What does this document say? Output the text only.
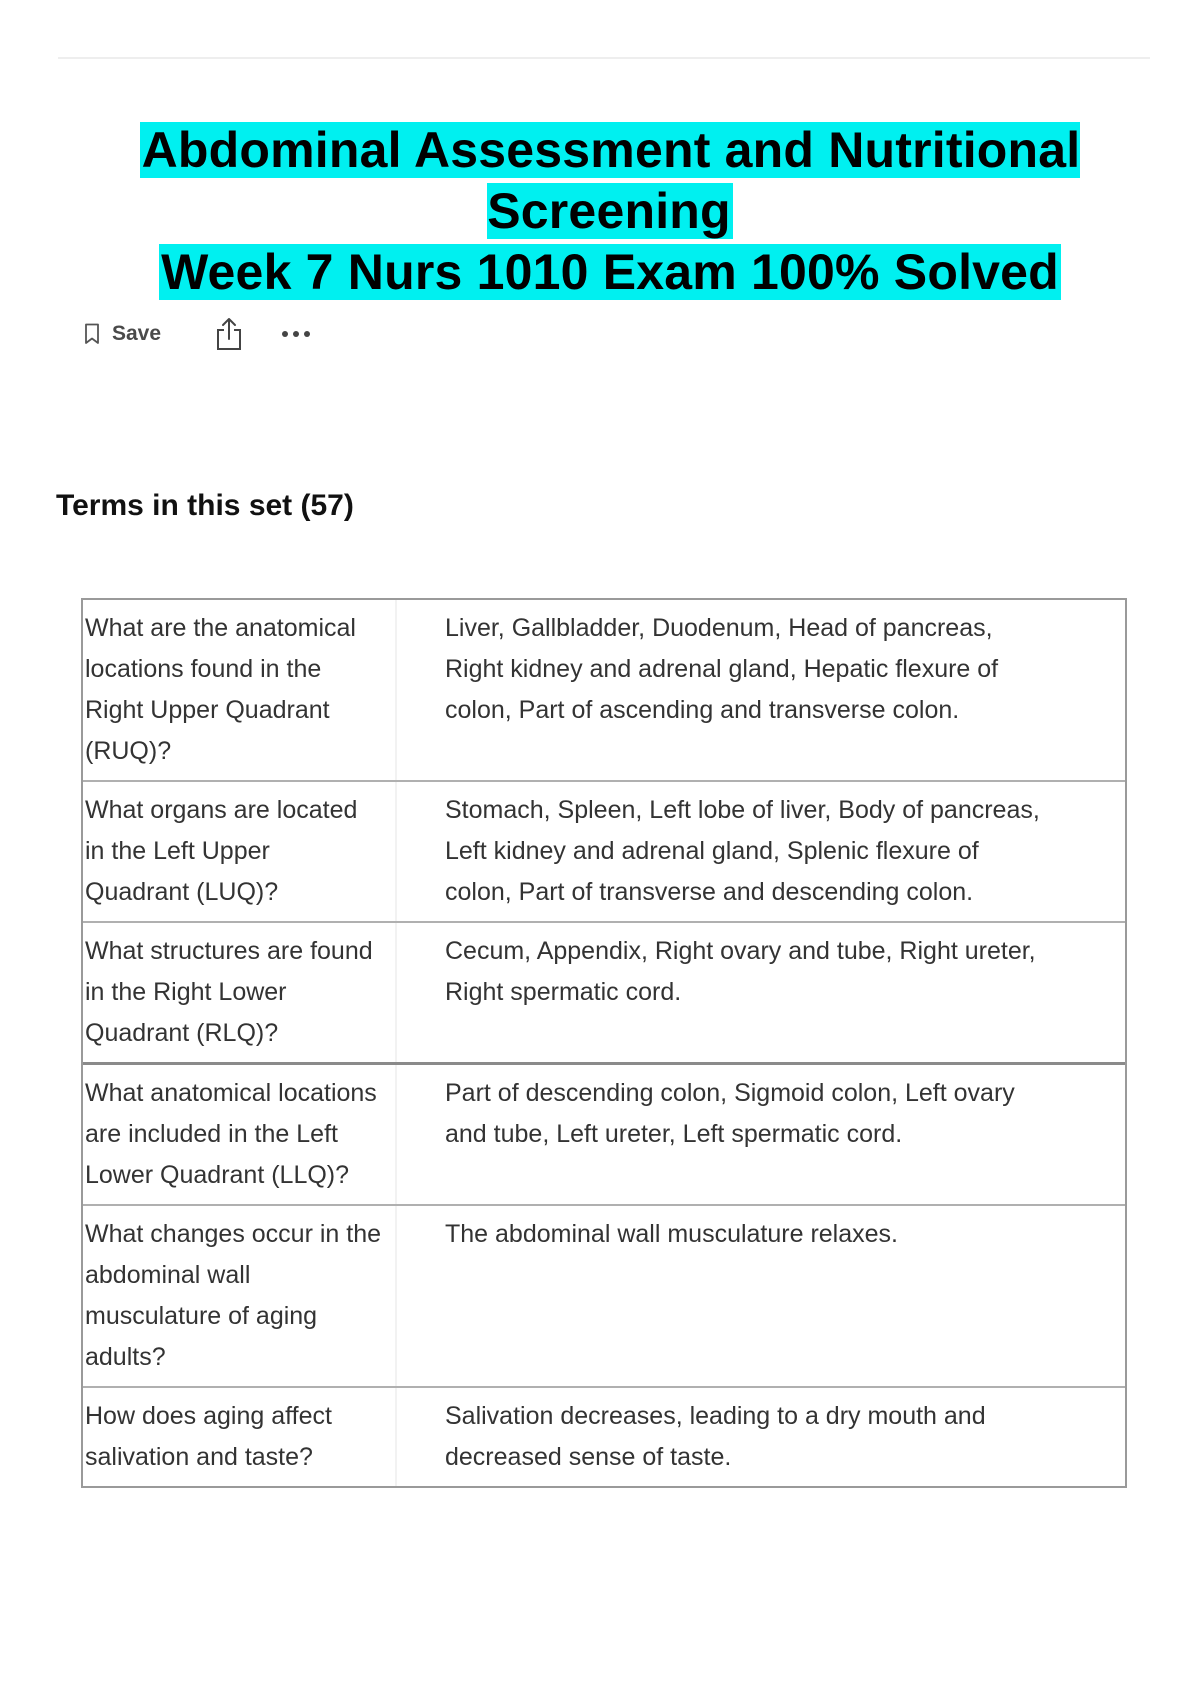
Abdominal Assessment and Nutritional Screening
Week 7 Nurs 1010 Exam 100% Solved
Save
Terms in this set (57)
What are the anatomical
locations found in the
Right Upper Quadrant
(RUQ)?
Liver, Gallbladder, Duodenum, Head of pancreas,
Right kidney and adrenal gland, Hepatic flexure of
colon, Part of ascending and transverse colon.
What organs are located
in the Left Upper
Quadrant (LUQ)?
Stomach, Spleen, Left lobe of liver, Body of pancreas,
Left kidney and adrenal gland, Splenic flexure of
colon, Part of transverse and descending colon.
What structures are found
in the Right Lower
Quadrant (RLQ)?
Cecum, Appendix, Right ovary and tube, Right ureter,
Right spermatic cord.
What anatomical locations
are included in the Left
Lower Quadrant (LLQ)?
Part of descending colon, Sigmoid colon, Left ovary
and tube, Left ureter, Left spermatic cord.
What changes occur in the
abdominal wall
musculature of aging
adults?
The abdominal wall musculature relaxes.
How does aging affect
salivation and taste?
Salivation decreases, leading to a dry mouth and
decreased sense of taste.
